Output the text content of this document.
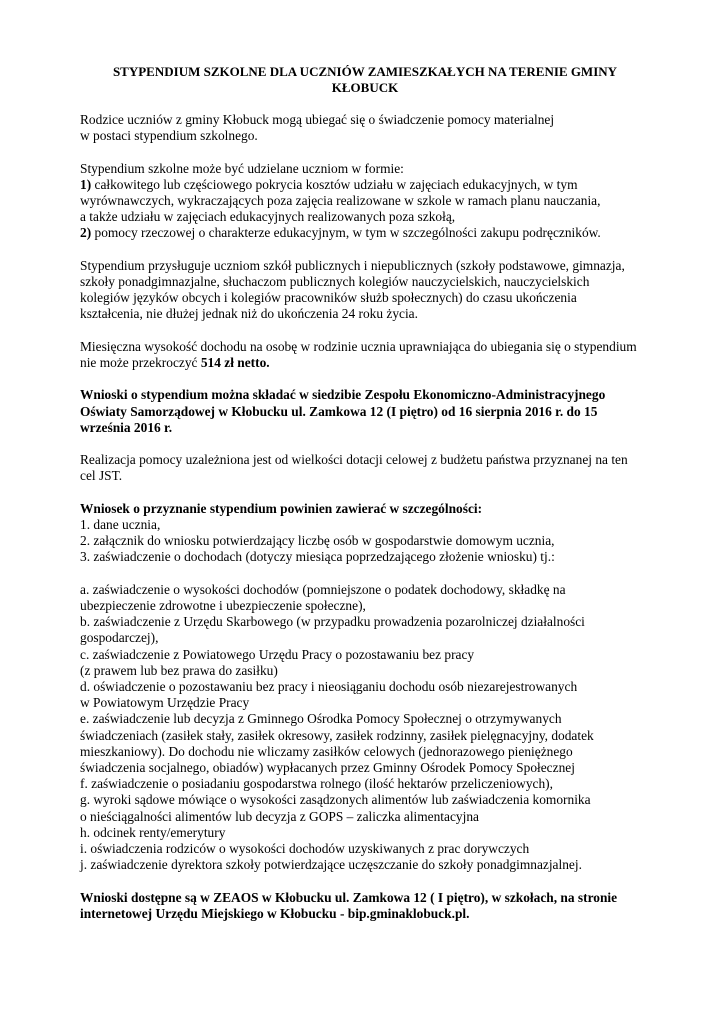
STYPENDIUM SZKOLNE DLA UCZNIÓW ZAMIESZKAŁYCH NA TERENIE GMINY
KŁOBUCK
Rodzice uczniów z gminy Kłobuck mogą ubiegać się o świadczenie pomocy materialnej
w postaci stypendium szkolnego.
Stypendium szkolne może być udzielane uczniom w formie:
1) całkowitego lub częściowego pokrycia kosztów udziału w zajęciach edukacyjnych, w tym
wyrównawczych, wykraczających poza zajęcia realizowane w szkole w ramach planu nauczania,
a także udziału w zajęciach edukacyjnych realizowanych poza szkołą,
2) pomocy rzeczowej o charakterze edukacyjnym, w tym w szczególności zakupu podręczników.
Stypendium przysługuje uczniom szkół publicznych i niepublicznych (szkoły podstawowe, gimnazja,
szkoły ponadgimnazjalne, słuchaczom publicznych kolegiów nauczycielskich, nauczycielskich
kolegiów języków obcych i kolegiów pracowników służb społecznych) do czasu ukończenia
kształcenia, nie dłużej jednak niż do ukończenia 24 roku życia.
Miesięczna wysokość dochodu na osobę w rodzinie ucznia uprawniająca do ubiegania się o stypendium
nie może przekroczyć 514 zł netto.
Wnioski o stypendium można składać w siedzibie Zespołu Ekonomiczno-Administracyjnego
Oświaty Samorządowej w Kłobucku ul. Zamkowa 12 (I piętro) od 16 sierpnia 2016 r. do 15
września 2016 r.
Realizacja pomocy uzależniona jest od wielkości dotacji celowej z budżetu państwa przyznanej na ten
cel JST.
Wniosek o przyznanie stypendium powinien zawierać w szczególności:
1. dane ucznia,
2. załącznik do wniosku potwierdzający liczbę osób w gospodarstwie domowym ucznia,
3. zaświadczenie o dochodach (dotyczy miesiąca poprzedzającego złożenie wniosku) tj.:
a. zaświadczenie o wysokości dochodów (pomniejszone o podatek dochodowy, składkę na
ubezpieczenie zdrowotne i ubezpieczenie społeczne),
b. zaświadczenie z Urzędu Skarbowego (w przypadku prowadzenia pozarolniczej działalności
gospodarczej),
c. zaświadczenie z Powiatowego Urzędu Pracy o pozostawaniu bez pracy
(z prawem lub bez prawa do zasiłku)
d. oświadczenie o pozostawaniu bez pracy i nieosiąganiu dochodu osób niezarejestrowanych
w Powiatowym Urzędzie Pracy
e. zaświadczenie lub decyzja z Gminnego Ośrodka Pomocy Społecznej o otrzymywanych
świadczeniach (zasiłek stały, zasiłek okresowy, zasiłek rodzinny, zasiłek pielęgnacyjny, dodatek
mieszkaniowy). Do dochodu nie wliczamy zasiłków celowych (jednorazowego pieniężnego
świadczenia socjalnego, obiadów) wypłacanych przez Gminny Ośrodek Pomocy Społecznej
f. zaświadczenie o posiadaniu gospodarstwa rolnego (ilość hektarów przeliczeniowych),
g. wyroki sądowe mówiące o wysokości zasądzonych alimentów lub zaświadczenia komornika
o nieściągalności alimentów lub decyzja z GOPS – zaliczka alimentacyjna
h. odcinek renty/emerytury
i. oświadczenia rodziców o wysokości dochodów uzyskiwanych z prac dorywczych
j. zaświadczenie dyrektora szkoły potwierdzające uczęszczanie do szkoły ponadgimnazjalnej.
Wnioski dostępne są w ZEAOS w Kłobucku ul. Zamkowa 12 ( I piętro), w szkołach, na stronie
internetowej Urzędu Miejskiego w Kłobucku - bip.gminaklobuck.pl.
